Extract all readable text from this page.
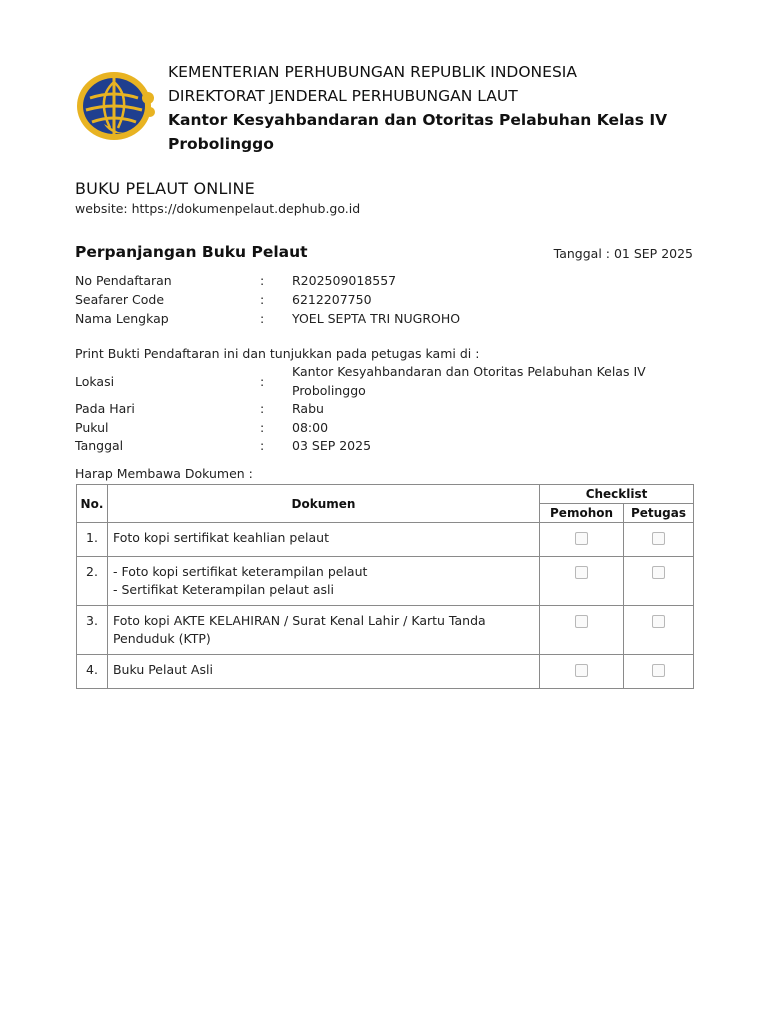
KEMENTERIAN PERHUBUNGAN REPUBLIK INDONESIA
DIREKTORAT JENDERAL PERHUBUNGAN LAUT
Kantor Kesyahbandaran dan Otoritas Pelabuhan Kelas IV
Probolinggo
BUKU PELAUT ONLINE
website: https://dokumenpelaut.dephub.go.id
Perpanjangan Buku Pelaut	Tanggal : 01 SEP 2025
No Pendaftaran	: R202509018557
Seafarer Code	: 6212207750
Nama Lengkap	: YOEL SEPTA TRI NUGROHO
Print Bukti Pendaftaran ini dan tunjukkan pada petugas kami di :
Lokasi	:
Kantor Kesyahbandaran dan Otoritas Pelabuhan Kelas IV
Probolinggo
Pada Hari	: Rabu
Pukul	: 08:00
Tanggal	: 03 SEP 2025
Harap Membawa Dokumen :
No.	Dokumen	Checklist	
		Pemohon	Petugas
1.	Foto kopi sertifikat keahlian pelaut		

2.	- Foto kopi sertifikat keterampilan pelaut
- Sertifikat Keterampilan pelaut asli		

3.	Foto kopi AKTE KELAHIRAN / Surat Kenal Lahir / Kartu Tanda
Penduduk (KTP)		

4.	Buku Pelaut Asli		
